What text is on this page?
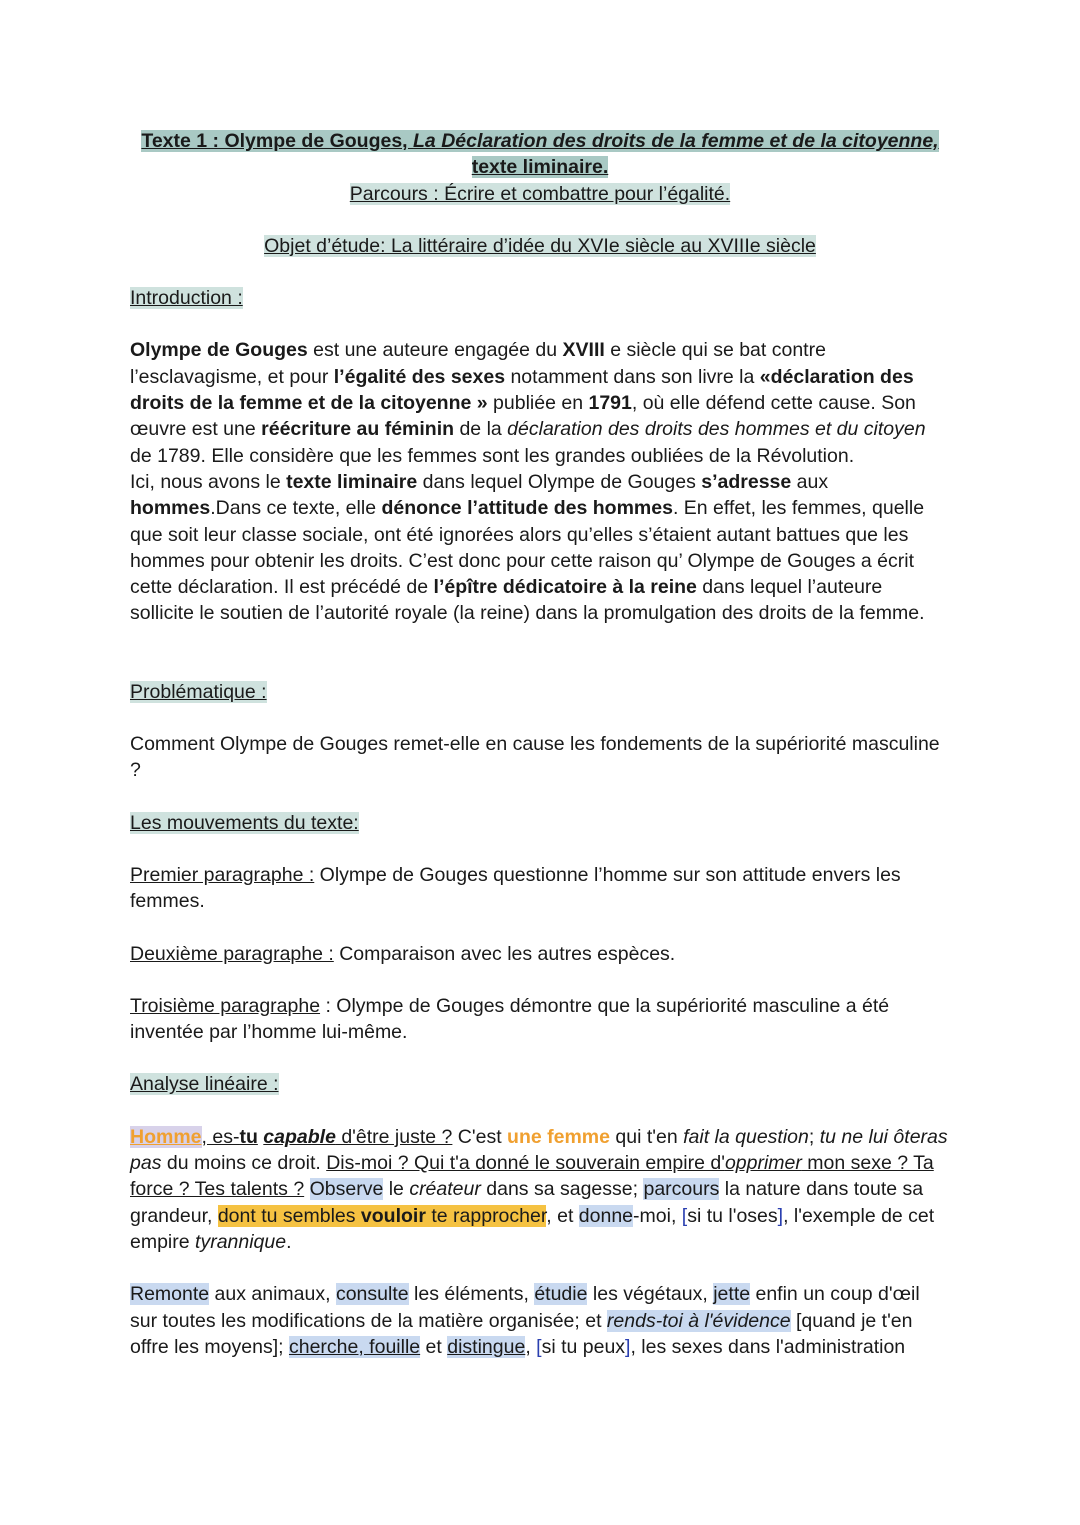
Texte 1 : Olympe de Gouges, La Déclaration des droits de la femme et de la citoyenne,
texte liminaire.

Parcours : Écrire et combattre pour l’égalité.

Objet d’étude: La littéraire d’idée du XVIe siècle au XVIIIe siècle

Introduction :

Olympe de Gouges est une auteure engagée du XVIII e siècle qui se bat contre l’esclavagisme, et pour l’égalité des sexes notamment dans son livre la «déclaration des droits de la femme et de la citoyenne » publiée en 1791, où elle défend cette cause. Son œuvre est une réécriture au féminin de la déclaration des droits des hommes et du citoyen de 1789. Elle considère que les femmes sont les grandes oubliées de la Révolution.
Ici, nous avons le texte liminaire dans lequel Olympe de Gouges s’adresse aux hommes.Dans ce texte, elle dénonce l’attitude des hommes. En effet, les femmes, quelle que soit leur classe sociale, ont été ignorées alors qu’elles s’étaient autant battues que les hommes pour obtenir les droits. C’est donc pour cette raison qu’ Olympe de Gouges a écrit cette déclaration. Il est précédé de l’épître dédicatoire à la reine dans lequel l’auteure sollicite le soutien de l’autorité royale (la reine) dans la promulgation des droits de la femme.

Problématique :

Comment Olympe de Gouges remet-elle en cause les fondements de la supériorité masculine ?

Les mouvements du texte:

Premier paragraphe : Olympe de Gouges questionne l’homme sur son attitude envers les femmes.

Deuxième paragraphe : Comparaison avec les autres espèces.

Troisième paragraphe : Olympe de Gouges démontre que la supériorité masculine a été inventée par l’homme lui-même.

Analyse linéaire :

Homme, es-tu capable d'être juste ? C'est une femme qui t'en fait la question; tu ne lui ôteras pas du moins ce droit. Dis-moi ? Qui t'a donné le souverain empire d'opprimer mon sexe ? Ta force ? Tes talents ? Observe le créateur dans sa sagesse; parcours la nature dans toute sa grandeur, dont tu sembles vouloir te rapprocher, et donne-moi, [si tu l'oses], l'exemple de cet empire tyrannique.

Remonte aux animaux, consulte les éléments, étudie les végétaux, jette enfin un coup d'œil sur toutes les modifications de la matière organisée; et rends-toi à l'évidence [quand je t'en offre les moyens]; cherche, fouille et distingue, [si tu peux], les sexes dans l'administration
